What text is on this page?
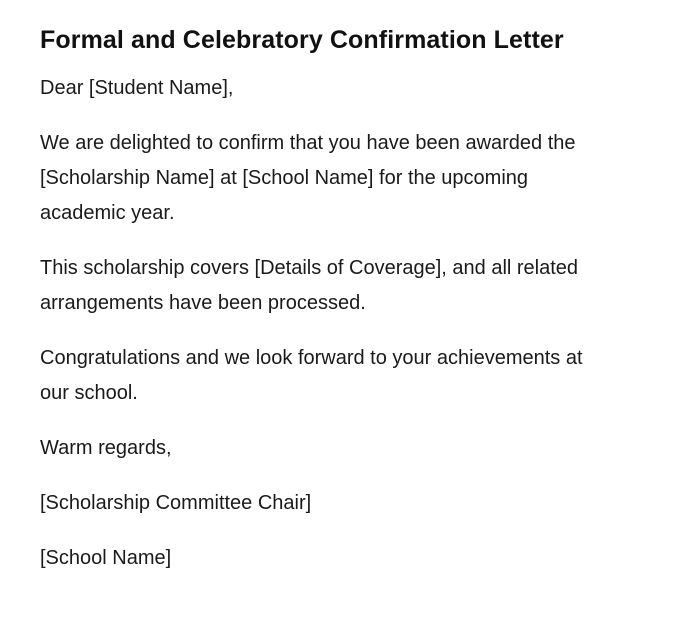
Formal and Celebratory Confirmation Letter

Dear [Student Name],

We are delighted to confirm that you have been awarded the [Scholarship Name] at [School Name] for the upcoming academic year.

This scholarship covers [Details of Coverage], and all related arrangements have been processed.

Congratulations and we look forward to your achievements at our school.

Warm regards,

[Scholarship Committee Chair]

[School Name]
